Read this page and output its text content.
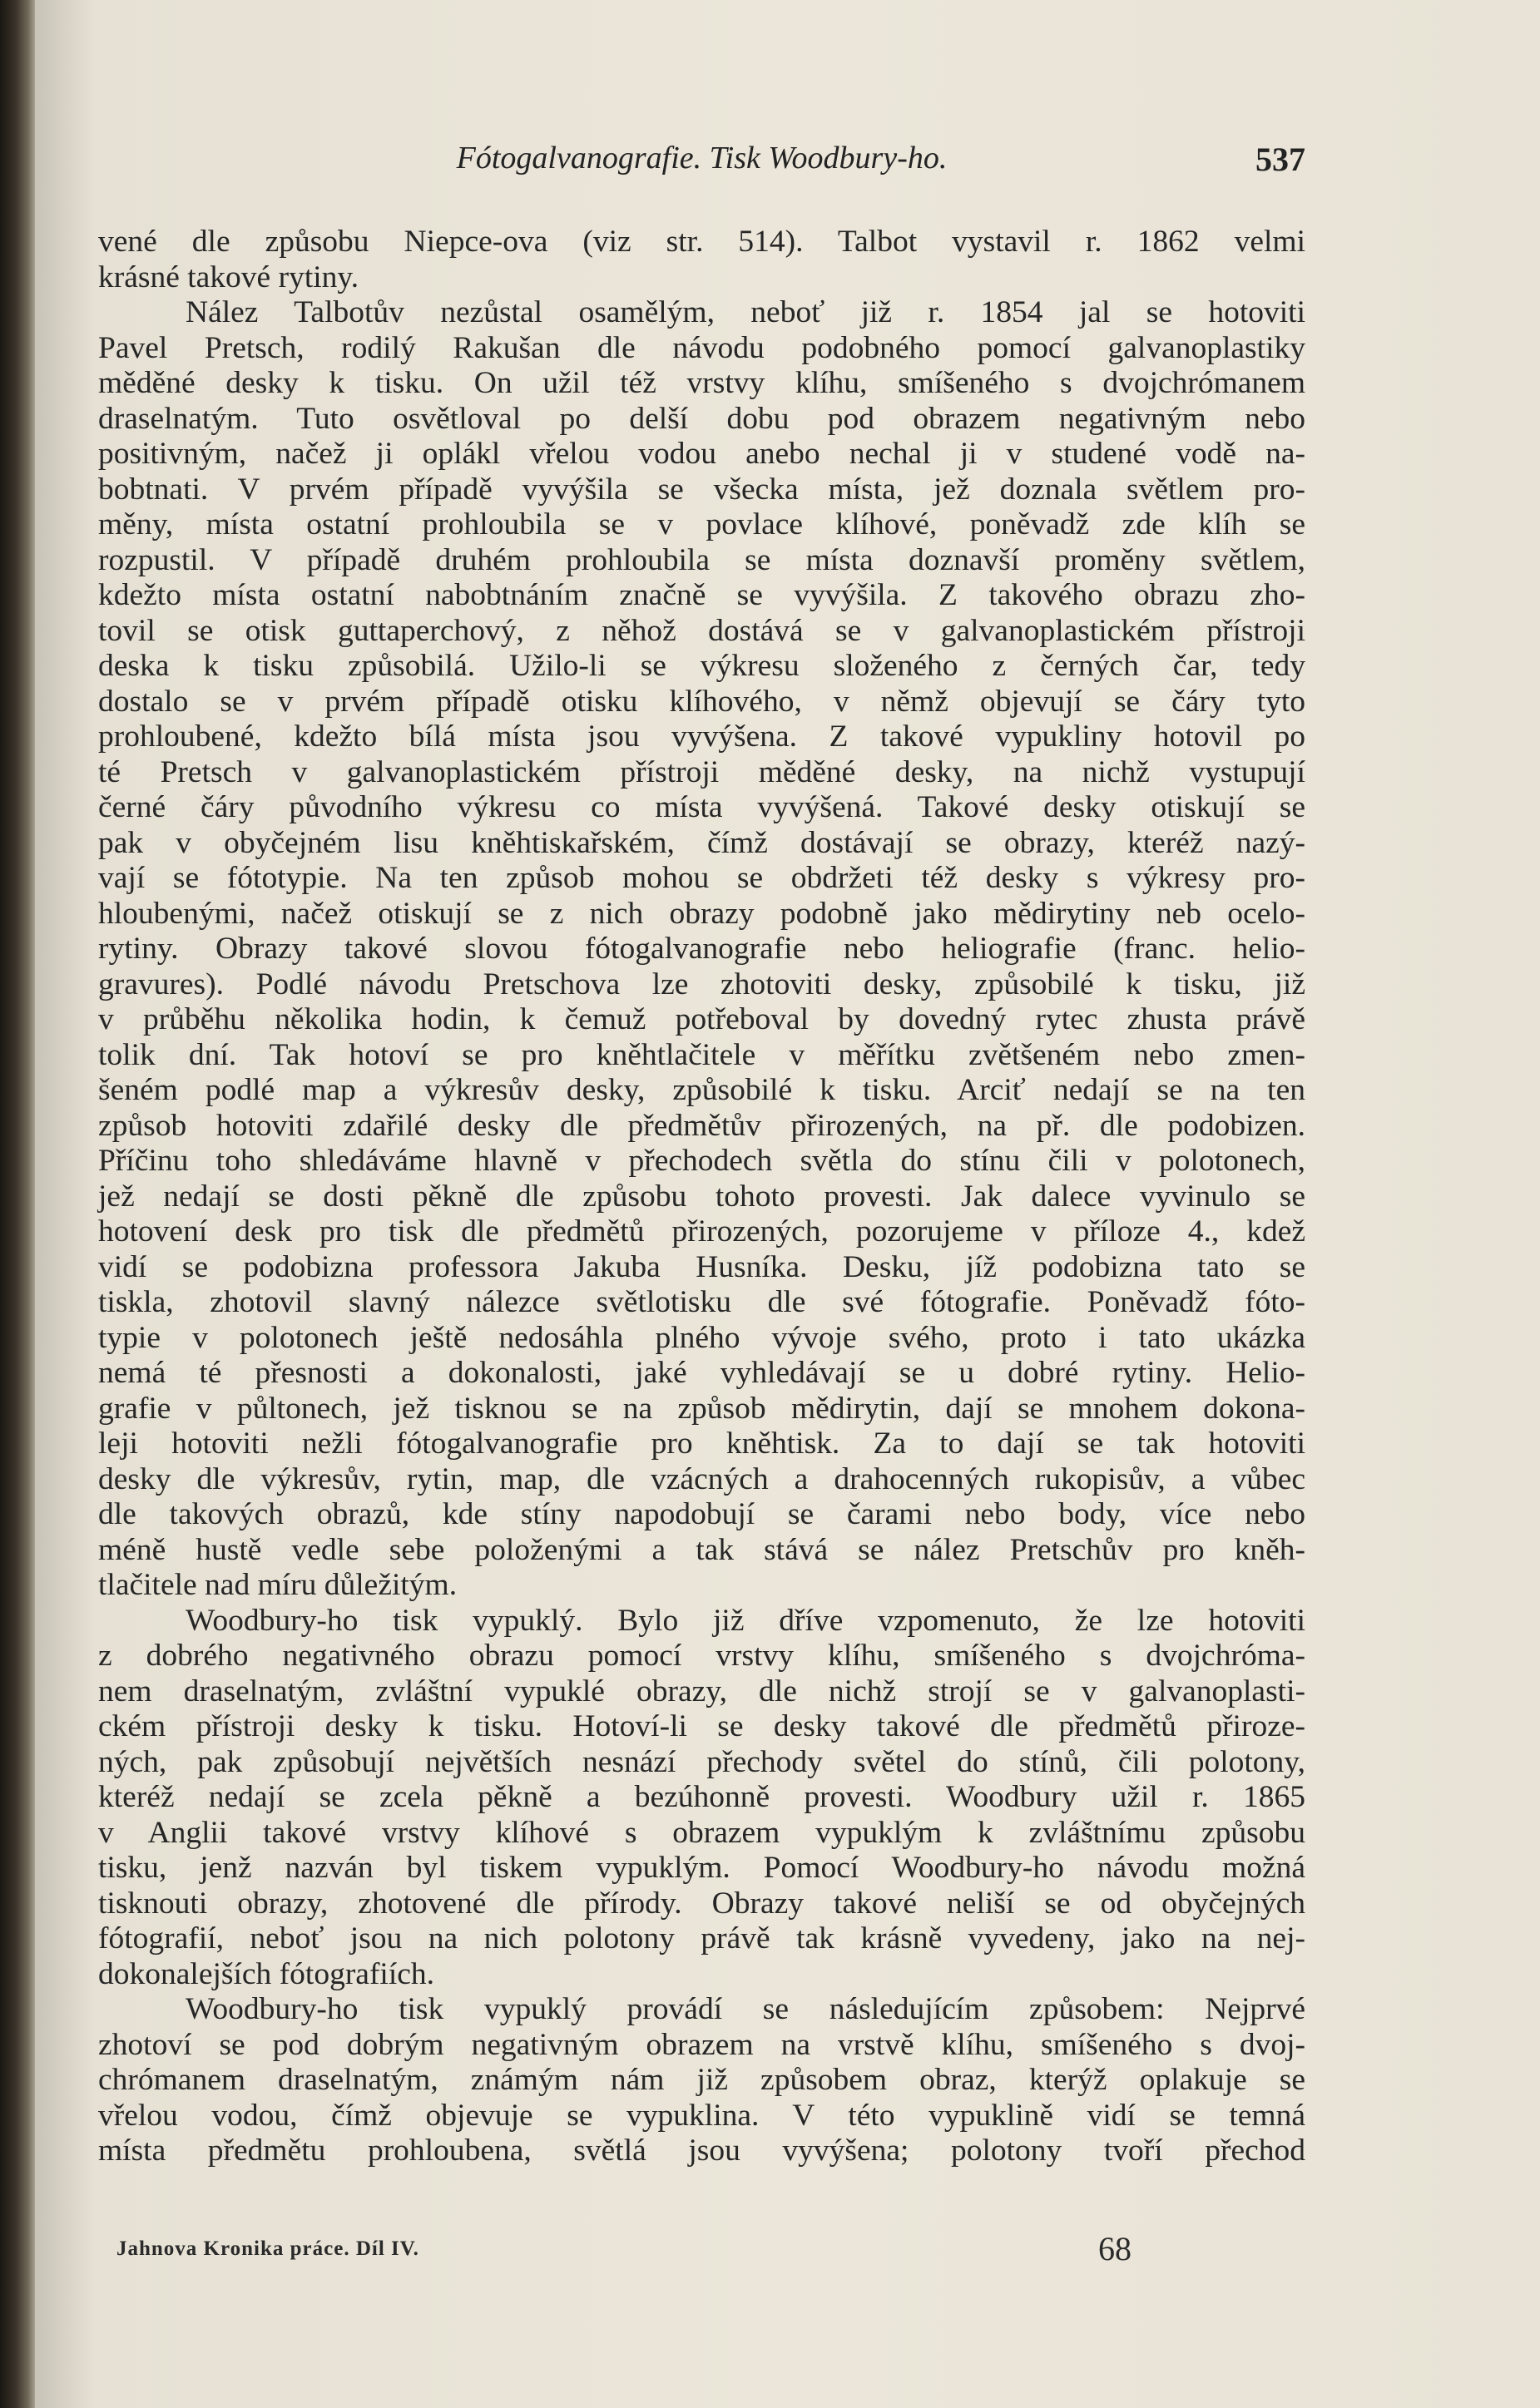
Fótogalvanografie. Tisk Woodbury-ho.	537
vené dle způsobu Niepce-ova (viz str. 514). Talbot vystavil r. 1862 velmi
krásné takové rytiny.
Nález Talbotův nezůstal osamělým, neboť již r. 1854 jal se hotoviti
Pavel Pretsch, rodilý Rakušan dle návodu podobného pomocí galvanoplastiky
měděné desky k tisku. On užil též vrstvy klíhu, smíšeného s dvojchrómanem
draselnatým. Tuto osvětloval po delší dobu pod obrazem negativným nebo
positivným, načež ji oplákl vřelou vodou anebo nechal ji v studené vodě na-
bobtnati. V prvém případě vyvýšila se všecka místa, jež doznala světlem pro-
měny, místa ostatní prohloubila se v povlace klíhové, poněvadž zde klíh se
rozpustil. V případě druhém prohloubila se místa doznavší proměny světlem,
kdežto místa ostatní nabobtnáním značně se vyvýšila. Z takového obrazu zho-
tovil se otisk guttaperchový, z něhož dostává se v galvanoplastickém přístroji
deska k tisku způsobilá. Užilo-li se výkresu složeného z černých čar, tedy
dostalo se v prvém případě otisku klíhového, v němž objevují se čáry tyto
prohloubené, kdežto bílá místa jsou vyvýšena. Z takové vypukliny hotovil po
té Pretsch v galvanoplastickém přístroji měděné desky, na nichž vystupují
černé čáry původního výkresu co místa vyvýšená. Takové desky otiskují se
pak v obyčejném lisu kněhtiskařském, čímž dostávají se obrazy, kteréž nazý-
vají se fótotypie. Na ten způsob mohou se obdržeti též desky s výkresy pro-
hloubenými, načež otiskují se z nich obrazy podobně jako mědirytiny neb ocelo-
rytiny. Obrazy takové slovou fótogalvanografie nebo heliografie (franc. helio-
gravures). Podlé návodu Pretschova lze zhotoviti desky, způsobilé k tisku, již
v průběhu několika hodin, k čemuž potřeboval by dovedný rytec zhusta právě
tolik dní. Tak hotoví se pro kněhtlačitele v měřítku zvětšeném nebo zmen-
šeném podlé map a výkresův desky, způsobilé k tisku. Arciť nedají se na ten
způsob hotoviti zdařilé desky dle předmětův přirozených, na př. dle podobizen.
Příčinu toho shledáváme hlavně v přechodech světla do stínu čili v polotonech,
jež nedají se dosti pěkně dle způsobu tohoto provesti. Jak dalece vyvinulo se
hotovení desk pro tisk dle předmětů přirozených, pozorujeme v příloze 4., kdež
vidí se podobizna professora Jakuba Husníka. Desku, jíž podobizna tato se
tiskla, zhotovil slavný nálezce světlotisku dle své fótografie. Poněvadž fóto-
typie v polotonech ještě nedosáhla plného vývoje svého, proto i tato ukázka
nemá té přesnosti a dokonalosti, jaké vyhledávají se u dobré rytiny. Helio-
grafie v půltonech, jež tisknou se na způsob mědirytin, dají se mnohem dokona-
leji hotoviti nežli fótogalvanografie pro kněhtisk. Za to dají se tak hotoviti
desky dle výkresův, rytin, map, dle vzácných a drahocenných rukopisův, a vůbec
dle takových obrazů, kde stíny napodobují se čarami nebo body, více nebo
méně hustě vedle sebe položenými a tak stává se nález Pretschův pro kněh-
tlačitele nad míru důležitým.
Woodbury-ho tisk vypuklý. Bylo již dříve vzpomenuto, že lze hotoviti
z dobrého negativného obrazu pomocí vrstvy klíhu, smíšeného s dvojchróma-
nem draselnatým, zvláštní vypuklé obrazy, dle nichž strojí se v galvanoplasti-
ckém přístroji desky k tisku. Hotoví-li se desky takové dle předmětů přiroze-
ných, pak způsobují největších nesnází přechody světel do stínů, čili polotony,
kteréž nedají se zcela pěkně a bezúhonně provesti. Woodbury užil r. 1865
v Anglii takové vrstvy klíhové s obrazem vypuklým k zvláštnímu způsobu
tisku, jenž nazván byl tiskem vypuklým. Pomocí Woodbury-ho návodu možná
tisknouti obrazy, zhotovené dle přírody. Obrazy takové neliší se od obyčejných
fótografií, neboť jsou na nich polotony právě tak krásně vyvedeny, jako na nej-
dokonalejších fótografiích.
Woodbury-ho tisk vypuklý provádí se následujícím způsobem: Nejprvé
zhotoví se pod dobrým negativným obrazem na vrstvě klíhu, smíšeného s dvoj-
chrómanem draselnatým, známým nám již způsobem obraz, kterýž oplakuje se
vřelou vodou, čímž objevuje se vypuklina. V této vypuklině vidí se temná
místa předmětu prohloubena, světlá jsou vyvýšena; polotony tvoří přechod
Jahnova Kronika práce. Díl IV.	68
